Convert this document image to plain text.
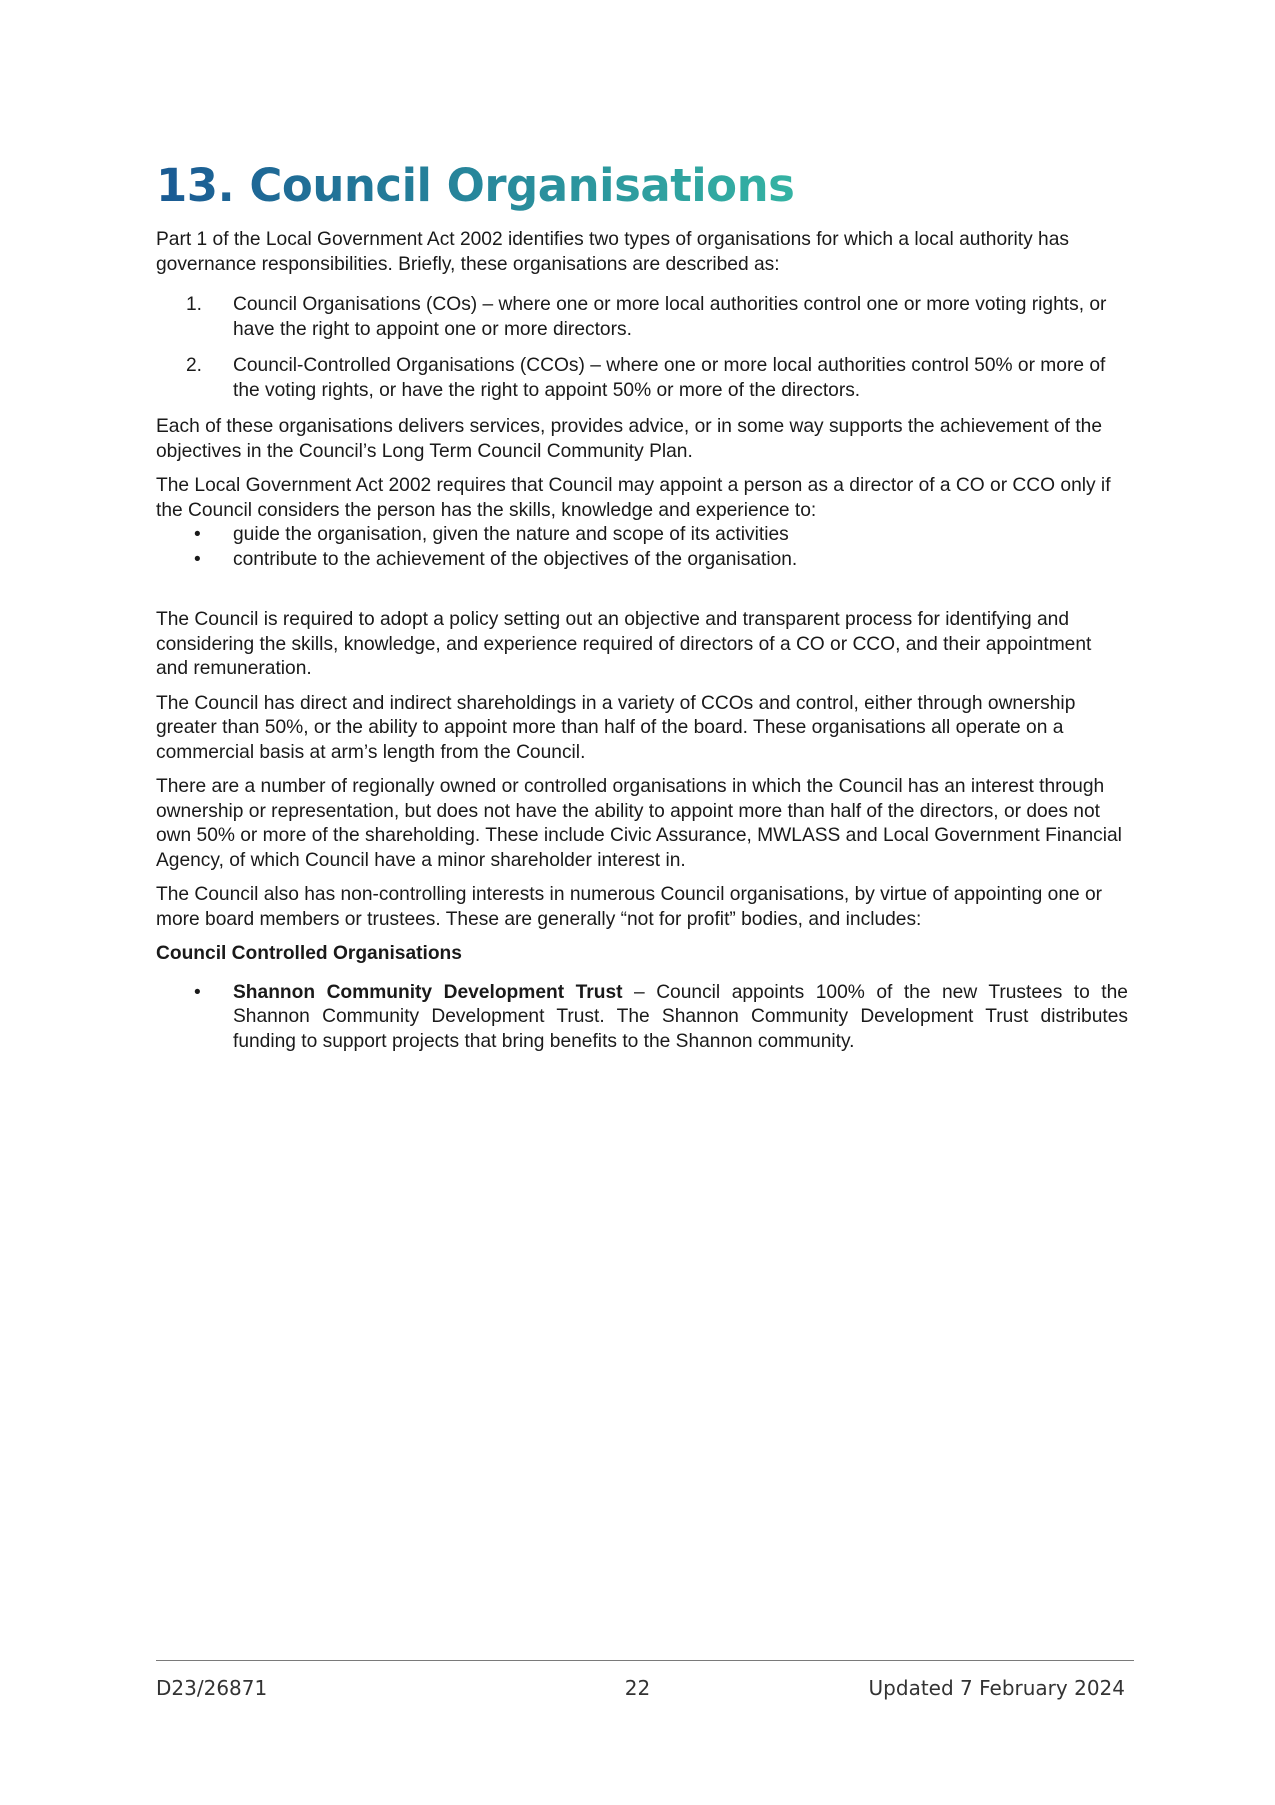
13. Council Organisations

Part 1 of the Local Government Act 2002 identifies two types of organisations for which a local authority has governance responsibilities. Briefly, these organisations are described as:

1. Council Organisations (COs) – where one or more local authorities control one or more voting rights, or have the right to appoint one or more directors.
2. Council-Controlled Organisations (CCOs) – where one or more local authorities control 50% or more of the voting rights, or have the right to appoint 50% or more of the directors.

Each of these organisations delivers services, provides advice, or in some way supports the achievement of the objectives in the Council’s Long Term Council Community Plan.

The Local Government Act 2002 requires that Council may appoint a person as a director of a CO or CCO only if the Council considers the person has the skills, knowledge and experience to:

• guide the organisation, given the nature and scope of its activities
• contribute to the achievement of the objectives of the organisation.

The Council is required to adopt a policy setting out an objective and transparent process for identifying and considering the skills, knowledge, and experience required of directors of a CO or CCO, and their appointment and remuneration.

The Council has direct and indirect shareholdings in a variety of CCOs and control, either through ownership greater than 50%, or the ability to appoint more than half of the board. These organisations all operate on a commercial basis at arm’s length from the Council.

There are a number of regionally owned or controlled organisations in which the Council has an interest through ownership or representation, but does not have the ability to appoint more than half of the directors, or does not own 50% or more of the shareholding. These include Civic Assurance, MWLASS and Local Government Financial Agency, of which Council have a minor shareholder interest in.

The Council also has non-controlling interests in numerous Council organisations, by virtue of appointing one or more board members or trustees. These are generally “not for profit” bodies, and includes:

Council Controlled Organisations

• Shannon Community Development Trust – Council appoints 100% of the new Trustees to the Shannon Community Development Trust. The Shannon Community Development Trust distributes funding to support projects that bring benefits to the Shannon community.
D23/26871	22	Updated 7 February 2024
